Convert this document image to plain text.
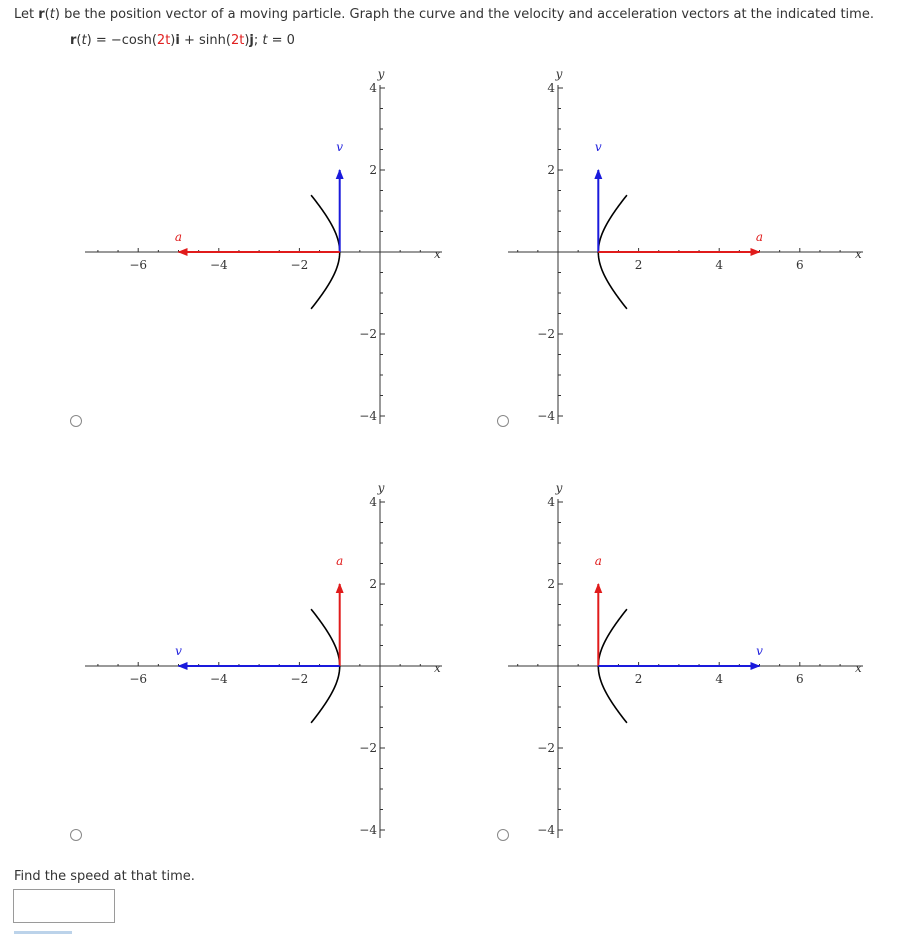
Let r(t) be the position vector of a moving particle. Graph the curve and the velocity and acceleration vectors at the indicated time.
r(t) = −cosh(2t)i + sinh(2t)j; t = 0
−6	−4	−2
4
2
−2
−4
x
y
v
a
2	4	6
4
2
−2
−4
x
y
v
a
−6	−4	−2
4
2
−2
−4
x
y
a
v
2	4	6
4
2
−2
−4
x
y
a
v
Find the speed at that time.
